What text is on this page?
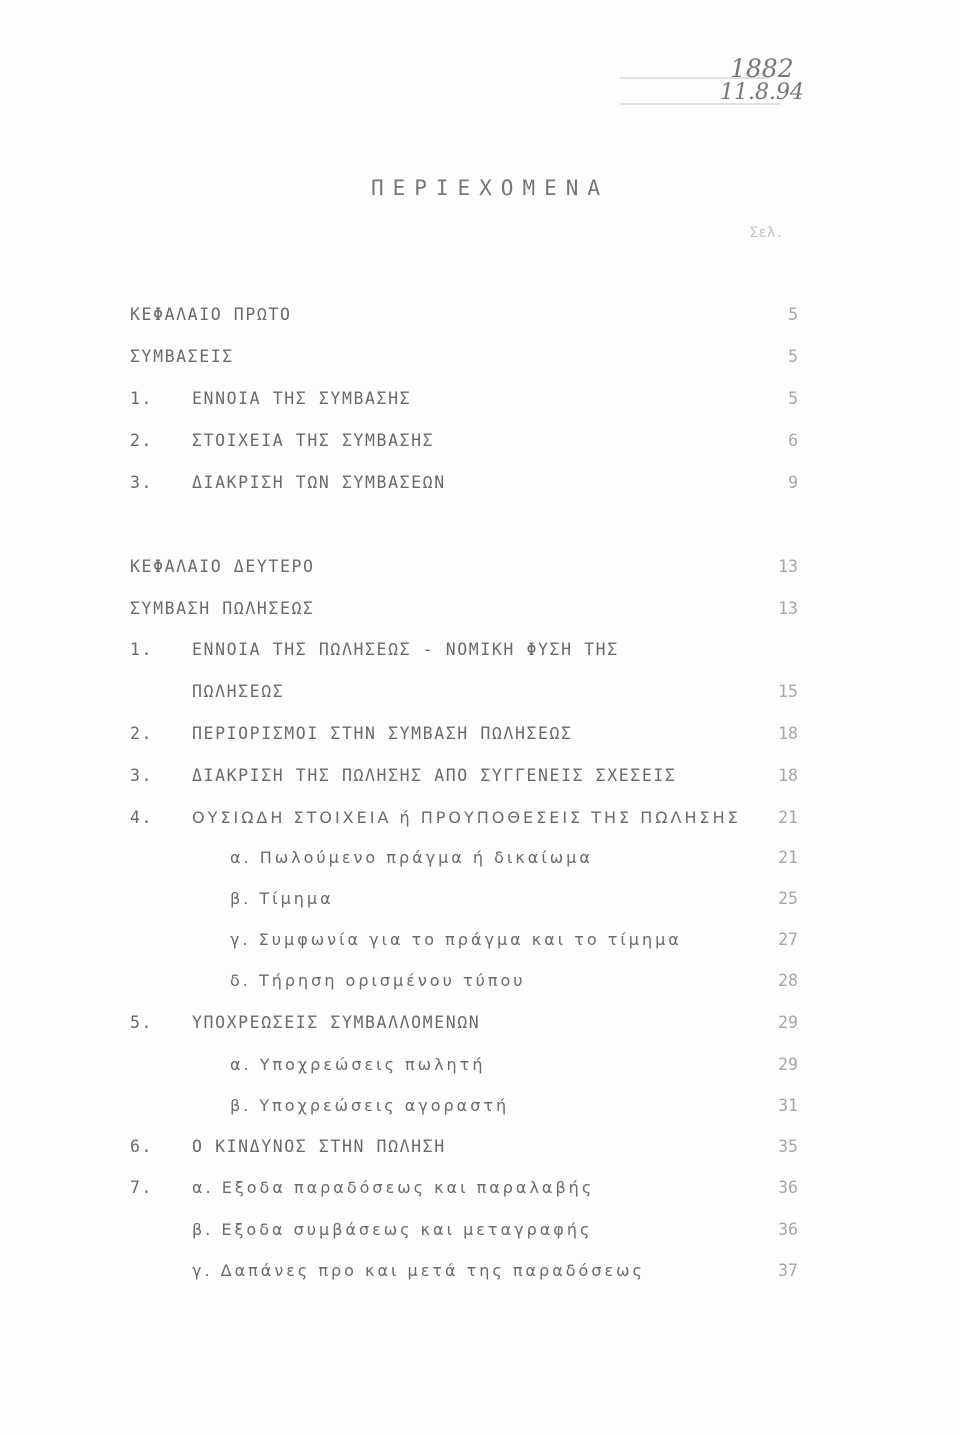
1882
11.8.94
ΠΕΡΙΕΧΟΜΕΝΑ
Σελ.
ΚΕΦΑΛΑΙΟ ΠΡΩΤΟ	5
ΣΥΜΒΑΣΕΙΣ	5
1. ΕΝΝΟΙΑ ΤΗΣ ΣΥΜΒΑΣΗΣ	5
2. ΣΤΟΙΧΕΙΑ ΤΗΣ ΣΥΜΒΑΣΗΣ	6
3. ΔΙΑΚΡΙΣΗ ΤΩΝ ΣΥΜΒΑΣΕΩΝ	9
ΚΕΦΑΛΑΙΟ ΔΕΥΤΕΡΟ	13
ΣΥΜΒΑΣΗ ΠΩΛΗΣΕΩΣ	13
1. ΕΝΝΟΙΑ ΤΗΣ ΠΩΛΗΣΕΩΣ - ΝΟΜΙΚΗ ΦΥΣΗ ΤΗΣ
ΠΩΛΗΣΕΩΣ	15
2. ΠΕΡΙΟΡΙΣΜΟΙ ΣΤΗΝ ΣΥΜΒΑΣΗ ΠΩΛΗΣΕΩΣ	18
3. ΔΙΑΚΡΙΣΗ ΤΗΣ ΠΩΛΗΣΗΣ ΑΠΟ ΣΥΓΓΕΝΕΙΣ ΣΧΕΣΕΙΣ	18
4. ΟΥΣΙΩΔΗ ΣΤΟΙΧΕΙΑ ή ΠΡΟΥΠΟΘΕΣΕΙΣ ΤΗΣ ΠΩΛΗΣΗΣ	21
α. Πωλούμενο πράγμα ή δικαίωμα	21
β. Τίμημα	25
γ. Συμφωνία για το πράγμα και το τίμημα	27
δ. Τήρηση ορισμένου τύπου	28
5. ΥΠΟΧΡΕΩΣΕΙΣ ΣΥΜΒΑΛΛΟΜΕΝΩΝ	29
α. Υποχρεώσεις πωλητή	29
β. Υποχρεώσεις αγοραστή	31
6. Ο ΚΙΝΔΥΝΟΣ ΣΤΗΝ ΠΩΛΗΣΗ	35
7. α. Εξοδα παραδόσεως και παραλαβής	36
β. Εξοδα συμβάσεως και μεταγραφής	36
γ. Δαπάνες προ και μετά της παραδόσεως	37
